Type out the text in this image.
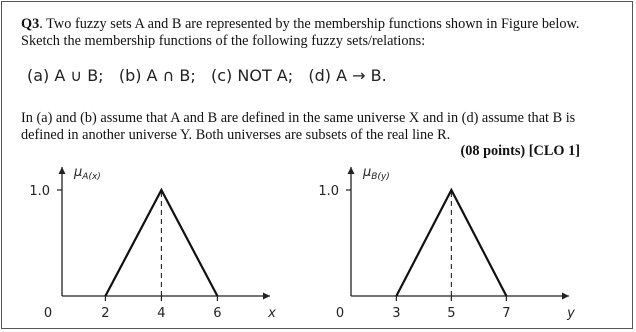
Q3. Two fuzzy sets A and B are represented by the membership functions shown in Figure below. Sketch the membership functions of the following fuzzy sets/relations:

(a) A ∪ B;   (b) A ∩ B;   (c) NOT A;   (d) A → B.

In (a) and (b) assume that A and B are defined in the same universe X and in (d) assume that B is defined in another universe Y. Both universes are subsets of the real line R.

(08 points) [CLO 1]
1.0
$\mu_{A(x)}$
0	2	4	6	x
1.0
$\mu_{B(y)}$
0	3	5	7	y
